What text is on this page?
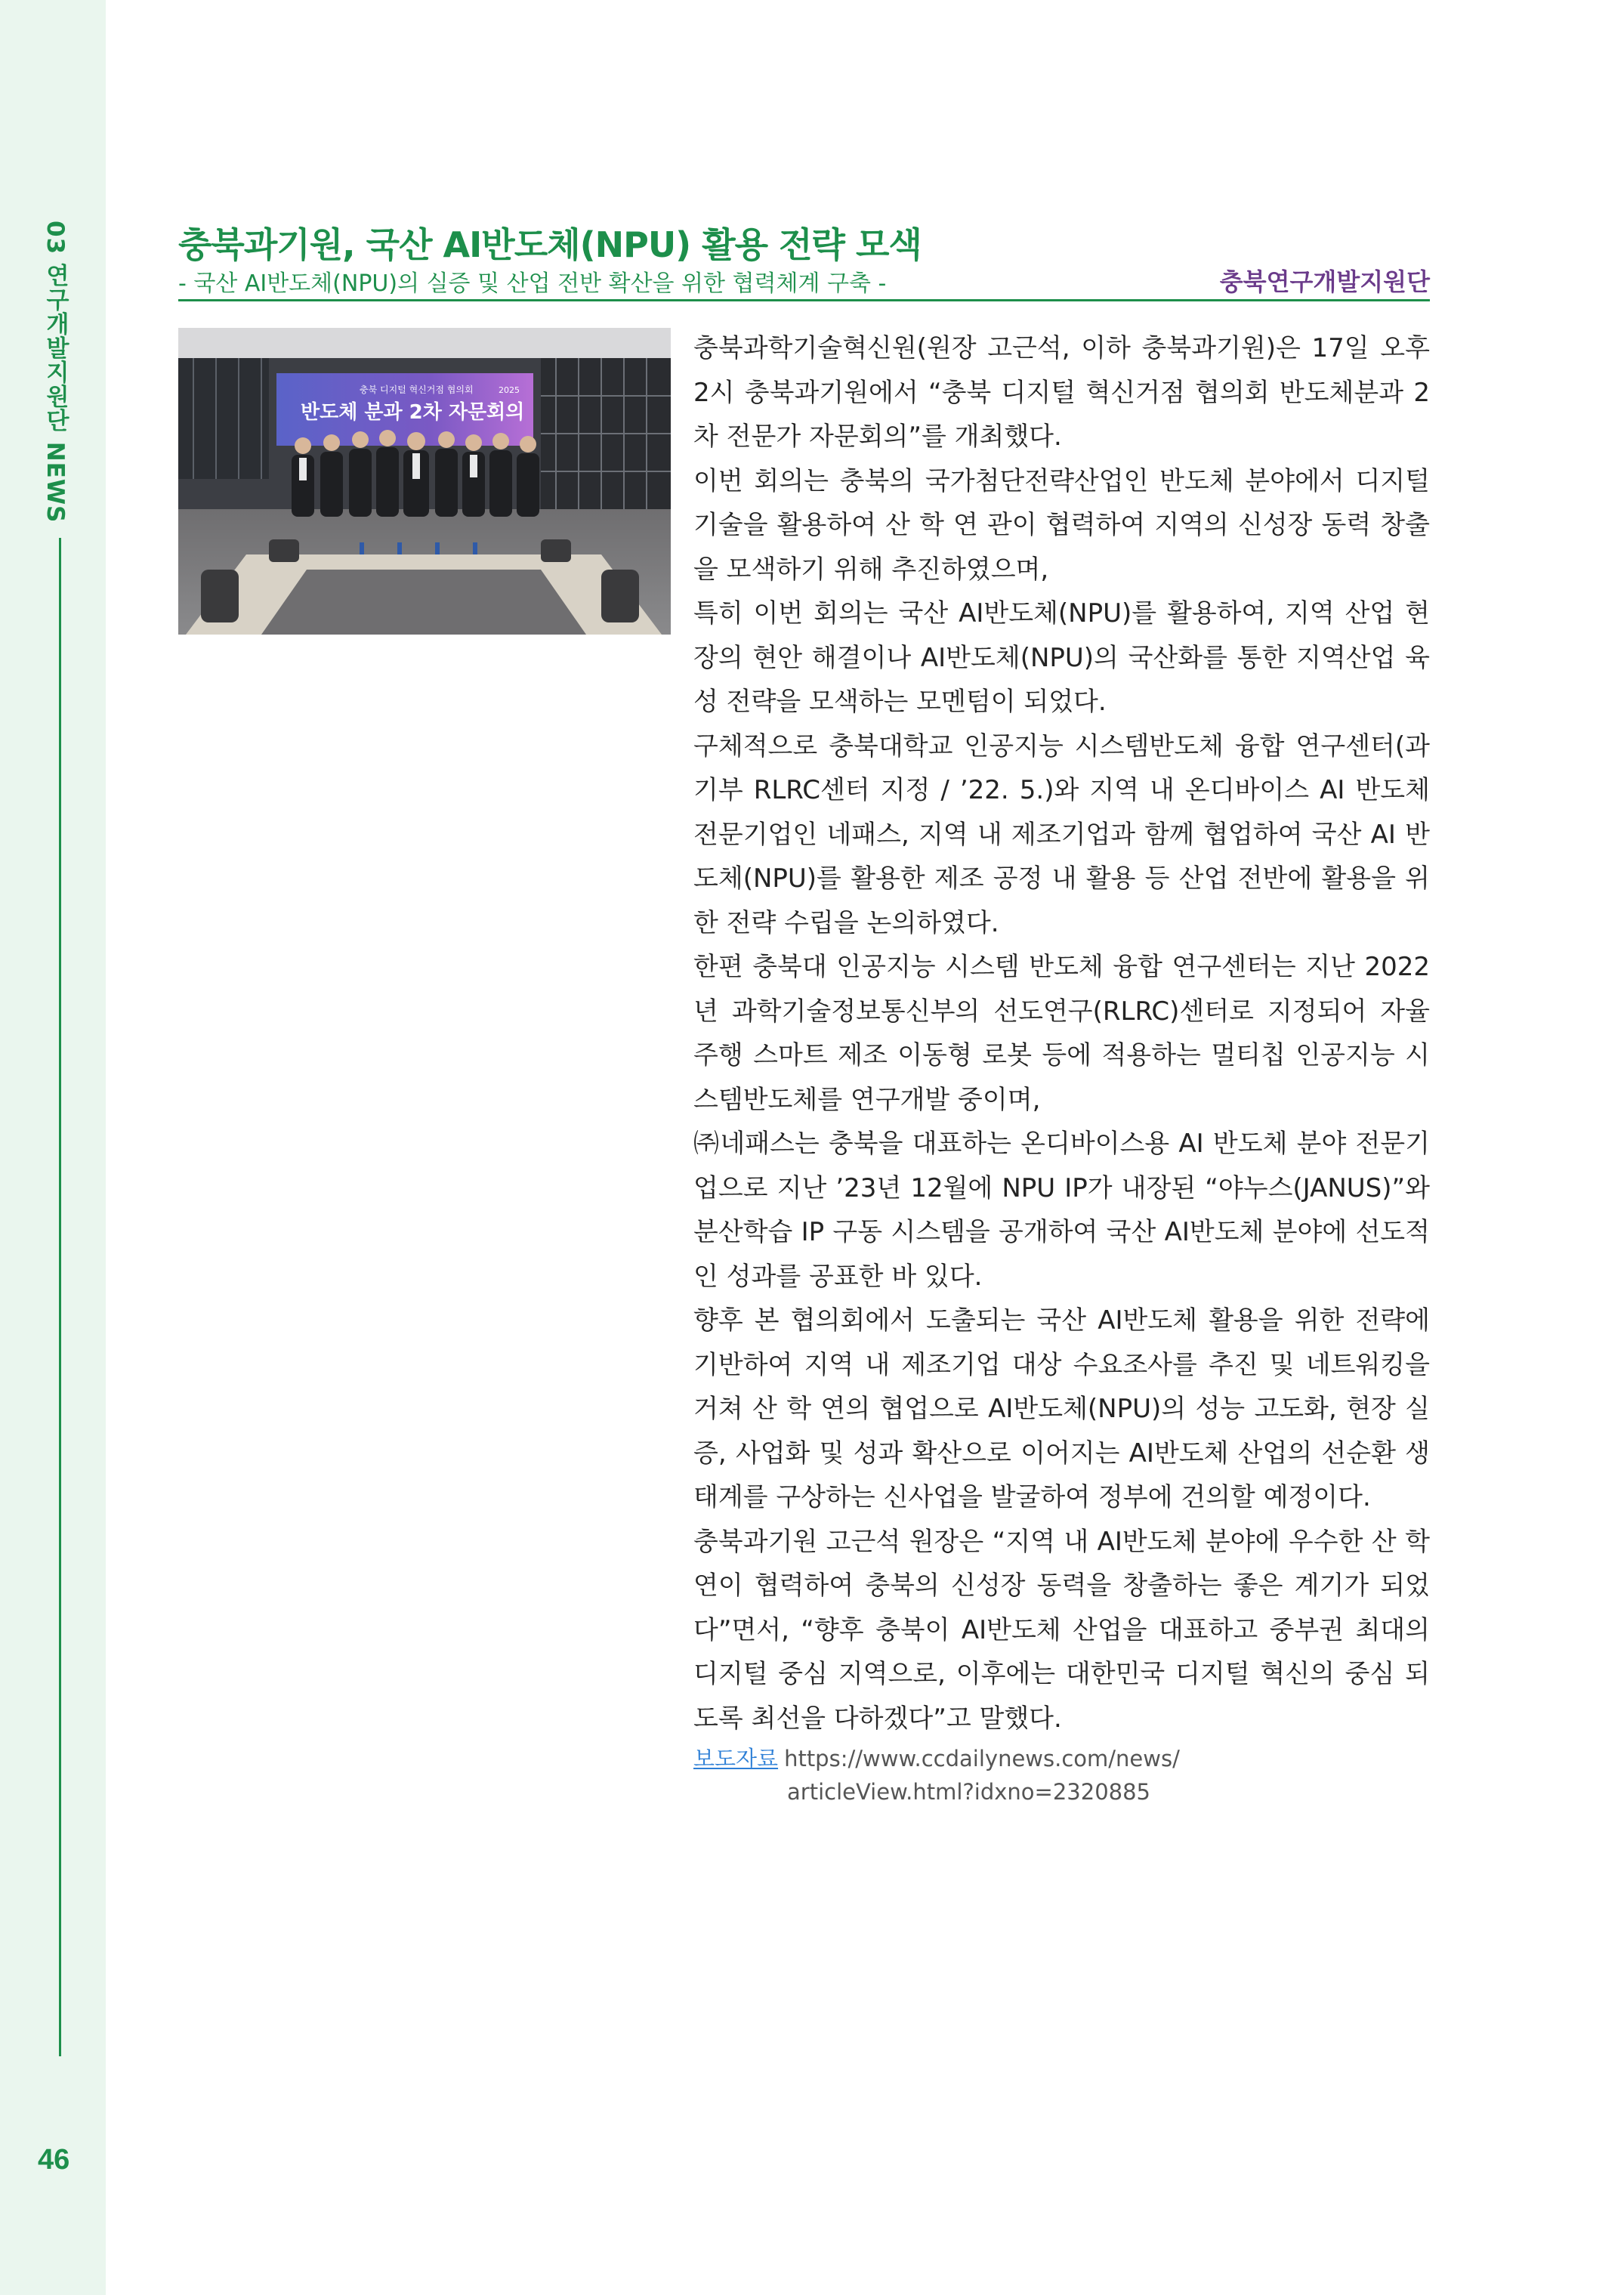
03 연구개발지원단 NEWS
46
충북과기원, 국산 AI반도체(NPU) 활용 전략 모색
- 국산 AI반도체(NPU)의 실증 및 산업 전반 확산을 위한 협력체계 구축 -	충북연구개발지원단
충북 디지털 혁신거점 협의회
반도체 분과 2차 자문회의
2025

충북과학기술혁신원(원장 고근석, 이하 충북과기원)은 17일 오후 2시 충북과기원에서 “충북 디지털 혁신거점 협의회 반도체분과 2차 전문가 자문회의”를 개최했다.

이번 회의는 충북의 국가첨단전략산업인 반도체 분야에서 디지털 기술을 활용하여 산 학 연 관이 협력하여 지역의 신성장 동력 창출을 모색하기 위해 추진하였으며,

특히 이번 회의는 국산 AI반도체(NPU)를 활용하여, 지역 산업 현장의 현안 해결이나 AI반도체(NPU)의 국산화를 통한 지역산업 육성 전략을 모색하는 모멘텀이 되었다.

구체적으로 충북대학교 인공지능 시스템반도체 융합 연구센터(과기부 RLRC센터 지정 / ’22. 5.)와 지역 내 온디바이스 AI 반도체 전문기업인 네패스, 지역 내 제조기업과 함께 협업하여 국산 AI 반도체(NPU)를 활용한 제조 공정 내 활용 등 산업 전반에 활용을 위한 전략 수립을 논의하였다.

한편 충북대 인공지능 시스템 반도체 융합 연구센터는 지난 2022년 과학기술정보통신부의 선도연구(RLRC)센터로 지정되어 자율주행 스마트 제조 이동형 로봇 등에 적용하는 멀티칩 인공지능 시스템반도체를 연구개발 중이며,

㈜네패스는 충북을 대표하는 온디바이스용 AI 반도체 분야 전문기업으로 지난 ’23년 12월에 NPU IP가 내장된 “야누스(JANUS)”와 분산학습 IP 구동 시스템을 공개하여 국산 AI반도체 분야에 선도적인 성과를 공표한 바 있다.

향후 본 협의회에서 도출되는 국산 AI반도체 활용을 위한 전략에 기반하여 지역 내 제조기업 대상 수요조사를 추진 및 네트워킹을 거쳐 산 학 연의 협업으로 AI반도체(NPU)의 성능 고도화, 현장 실증, 사업화 및 성과 확산으로 이어지는 AI반도체 산업의 선순환 생태계를 구상하는 신사업을 발굴하여 정부에 건의할 예정이다.

충북과기원 고근석 원장은 “지역 내 AI반도체 분야에 우수한 산 학 연이 협력하여 충북의 신성장 동력을 창출하는 좋은 계기가 되었다”면서, “향후 충북이 AI반도체 산업을 대표하고 중부권 최대의 디지털 중심 지역으로, 이후에는 대한민국 디지털 혁신의 중심 되도록 최선을 다하겠다”고 말했다.

보도자료 https://www.ccdailynews.com/news/
articleView.html?idxno=2320885
